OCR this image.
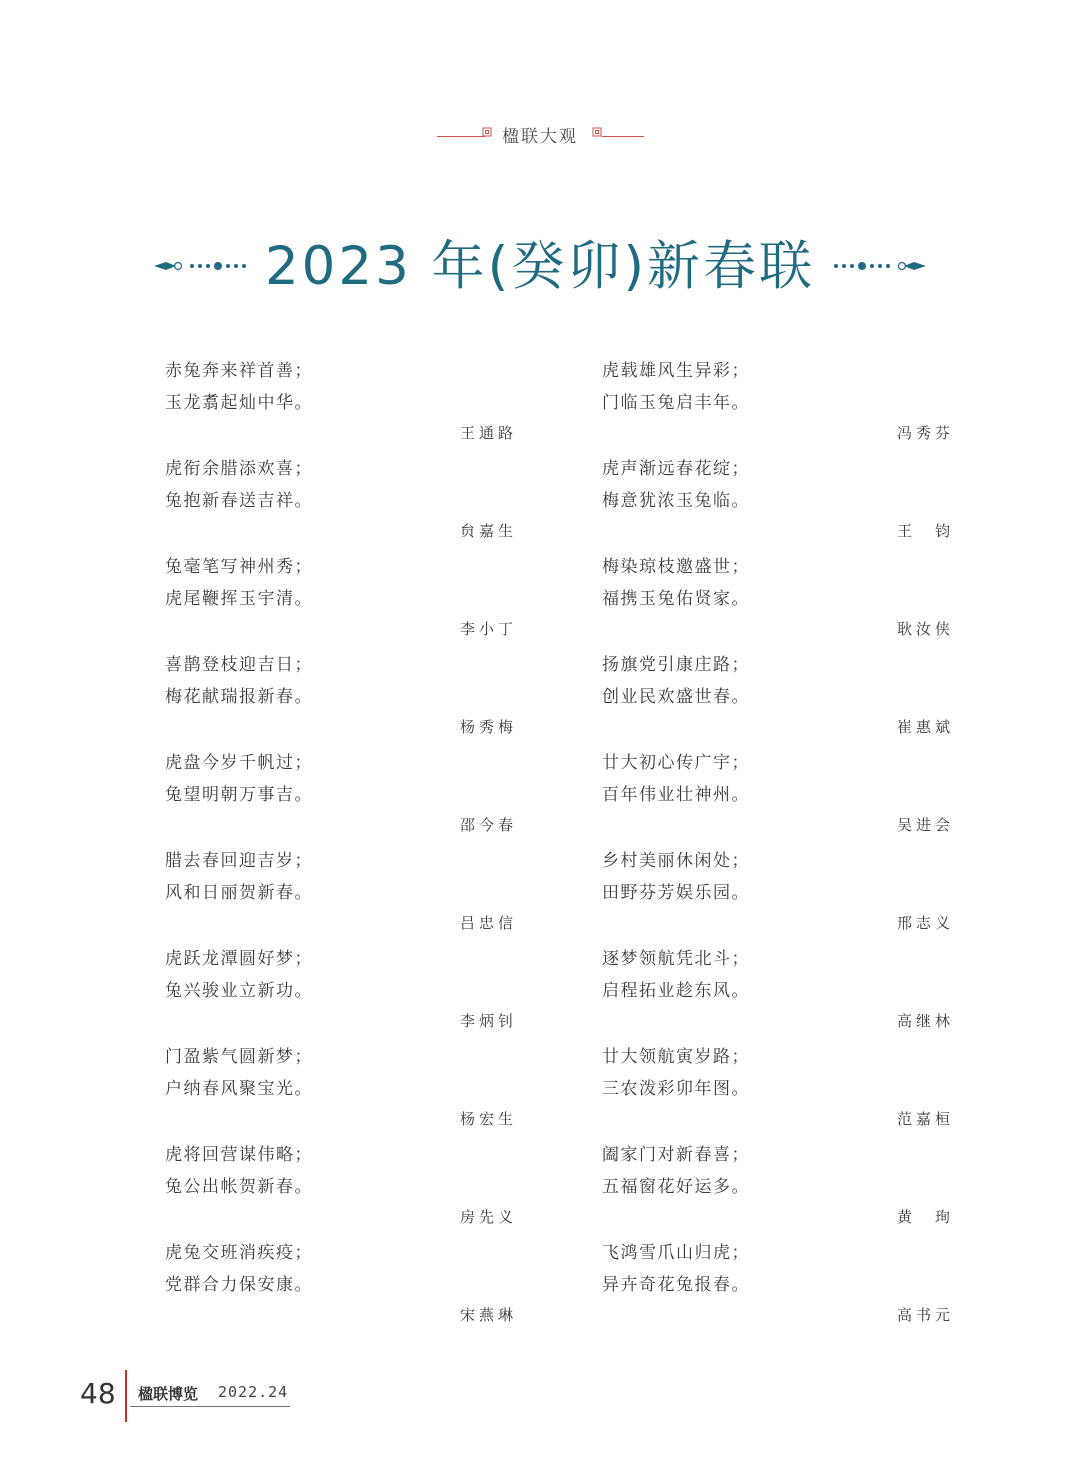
楹联大观
2023 年(癸卯)新春联
赤兔奔来祥首善；
玉龙翥起灿中华。
王通路
虎衔余腊添欢喜；
兔抱新春送吉祥。
贠嘉生
兔毫笔写神州秀；
虎尾鞭挥玉宇清。
李小丁
喜鹊登枝迎吉日；
梅花献瑞报新春。
杨秀梅
虎盘今岁千帆过；
兔望明朝万事吉。
邵今春
腊去春回迎吉岁；
风和日丽贺新春。
吕忠信
虎跃龙潭圆好梦；
兔兴骏业立新功。
李炳钊
门盈紫气圆新梦；
户纳春风聚宝光。
杨宏生
虎将回营谋伟略；
兔公出帐贺新春。
房先义
虎兔交班消疾疫；
党群合力保安康。
宋燕琳
虎载雄风生异彩；
门临玉兔启丰年。
冯秀芬
虎声渐远春花绽；
梅意犹浓玉兔临。
王　钧
梅染琼枝邀盛世；
福携玉兔佑贤家。
耿汝侠
扬旗党引康庄路；
创业民欢盛世春。
崔惠斌
廿大初心传广宇；
百年伟业壮神州。
吴进会
乡村美丽休闲处；
田野芬芳娱乐园。
邢志义
逐梦领航凭北斗；
启程拓业趁东风。
高继林
廿大领航寅岁路；
三农泼彩卯年图。
范嘉桓
阖家门对新春喜；
五福窗花好运多。
黄　珣
飞鸿雪爪山归虎；
异卉奇花兔报春。
高书元
48 楹联博览 2022.24
